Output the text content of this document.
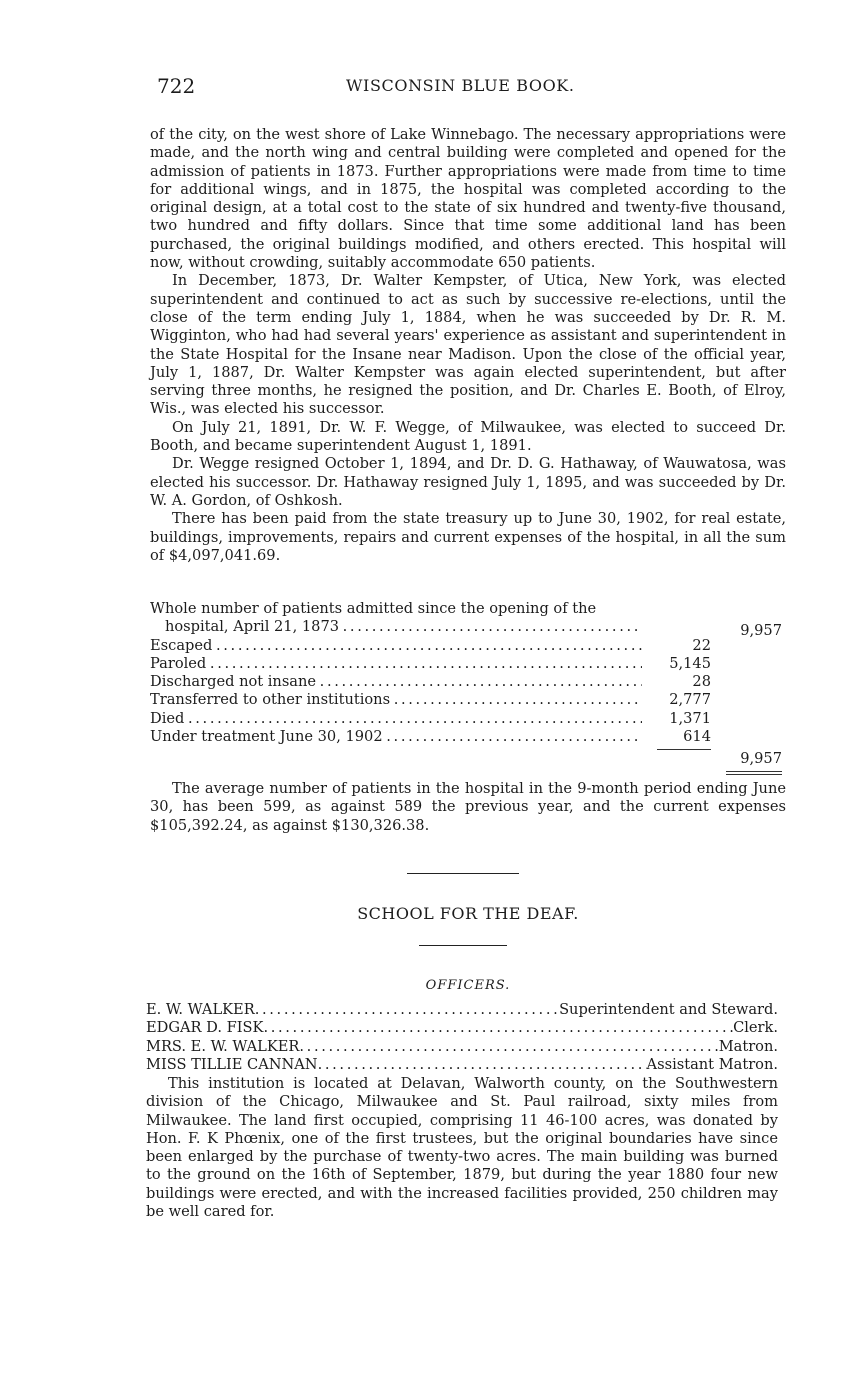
722	WISCONSIN BLUE BOOK.

of the city, on the west shore of Lake Winnebago. The necessary appropriations were made, and the north wing and central building were completed and opened for the admission of patients in 1873. Further appropriations were made from time to time for additional wings, and in 1875, the hospital was completed according to the original design, at a total cost to the state of six hundred and twenty-five thousand, two hundred and fifty dollars. Since that time some additional land has been purchased, the original buildings modified, and others erected. This hospital will now, without crowding, suitably accommodate 650 patients.

In December, 1873, Dr. Walter Kempster, of Utica, New York, was elected superintendent and continued to act as such by successive re-elections, until the close of the term ending July 1, 1884, when he was succeeded by Dr. R. M. Wigginton, who had had several years' experience as assistant and superintendent in the State Hospital for the Insane near Madison. Upon the close of the official year, July 1, 1887, Dr. Walter Kempster was again elected superintendent, but after serving three months, he resigned the position, and Dr. Charles E. Booth, of Elroy, Wis., was elected his successor.

On July 21, 1891, Dr. W. F. Wegge, of Milwaukee, was elected to succeed Dr. Booth, and became superintendent August 1, 1891.

Dr. Wegge resigned October 1, 1894, and Dr. D. G. Hathaway, of Wauwatosa, was elected his successor. Dr. Hathaway resigned July 1, 1895, and was succeeded by Dr. W. A. Gordon, of Oshkosh.

There has been paid from the state treasury up to June 30, 1902, for real estate, buildings, improvements, repairs and current expenses of the hospital, in all the sum of $4,097,041.69.

Whole number of patients admitted since the opening of the
hospital, April 21, 1873 . . .	9,957
Escaped . . .	22
Paroled . . .	5,145
Discharged not insane . . .	28
Transferred to other institutions . . .	2,777
Died . . .	1,371
Under treatment June 30, 1902 . . .	614
9,957

The average number of patients in the hospital in the 9-month period ending June 30, has been 599, as against 589 the previous year, and the current expenses $105,392.24, as against $130,326.38.

SCHOOL FOR THE DEAF.
OFFICERS.
E. W. WALKER . . .	Superintendent and Steward.
EDGAR D. FISK . . .	Clerk.
MRS. E. W. WALKER . . .	Matron.
MISS TILLIE CANNAN . . .	Assistant Matron.

This institution is located at Delavan, Walworth county, on the Southwestern division of the Chicago, Milwaukee and St. Paul railroad, sixty miles from Milwaukee. The land first occupied, comprising 11 46-100 acres, was donated by Hon. F. K Phœnix, one of the first trustees, but the original boundaries have since been enlarged by the purchase of twenty-two acres. The main building was burned to the ground on the 16th of September, 1879, but during the year 1880 four new buildings were erected, and with the increased facilities provided, 250 children may be well cared for.
